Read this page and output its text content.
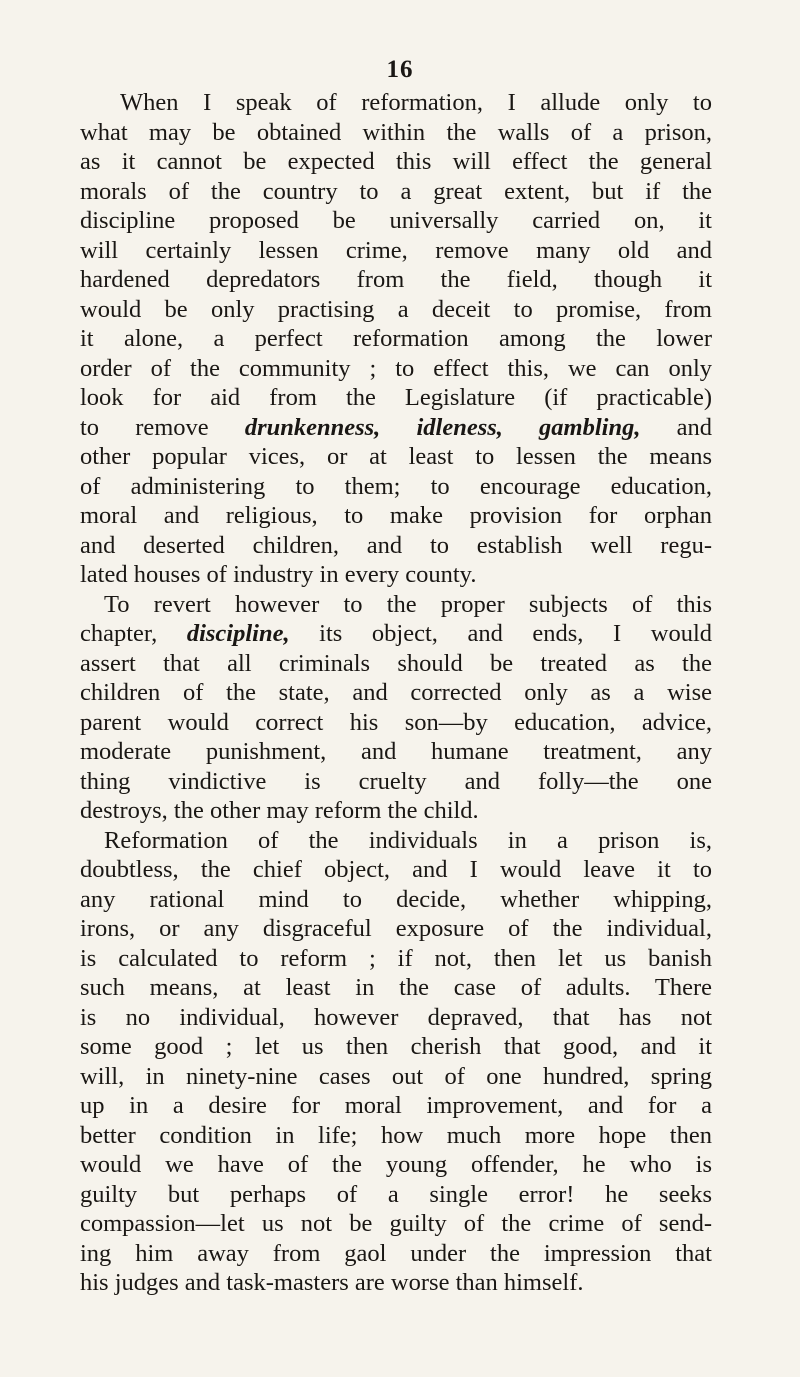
16
When I speak of reformation, I allude only to
what may be obtained within the walls of a prison,
as it cannot be expected this will effect the general
morals of the country to a great extent, but if the
discipline proposed be universally carried on, it
will certainly lessen crime, remove many old and
hardened depredators from the field, though it
would be only practising a deceit to promise, from
it alone, a perfect reformation among the lower
order of the community ; to effect this, we can only
look for aid from the Legislature (if practicable)
to remove drunkenness, idleness, gambling, and
other popular vices, or at least to lessen the means
of administering to them; to encourage education,
moral and religious, to make provision for orphan
and deserted children, and to establish well regu-
lated houses of industry in every county.
To revert however to the proper subjects of this
chapter, discipline, its object, and ends, I would
assert that all criminals should be treated as the
children of the state, and corrected only as a wise
parent would correct his son—by education, advice,
moderate punishment, and humane treatment, any
thing vindictive is cruelty and folly—the one
destroys, the other may reform the child.
Reformation of the individuals in a prison is,
doubtless, the chief object, and I would leave it to
any rational mind to decide, whether whipping,
irons, or any disgraceful exposure of the individual,
is calculated to reform ; if not, then let us banish
such means, at least in the case of adults. There
is no individual, however depraved, that has not
some good ; let us then cherish that good, and it
will, in ninety-nine cases out of one hundred, spring
up in a desire for moral improvement, and for a
better condition in life; how much more hope then
would we have of the young offender, he who is
guilty but perhaps of a single error! he seeks
compassion—let us not be guilty of the crime of send-
ing him away from gaol under the impression that
his judges and task-masters are worse than himself.
